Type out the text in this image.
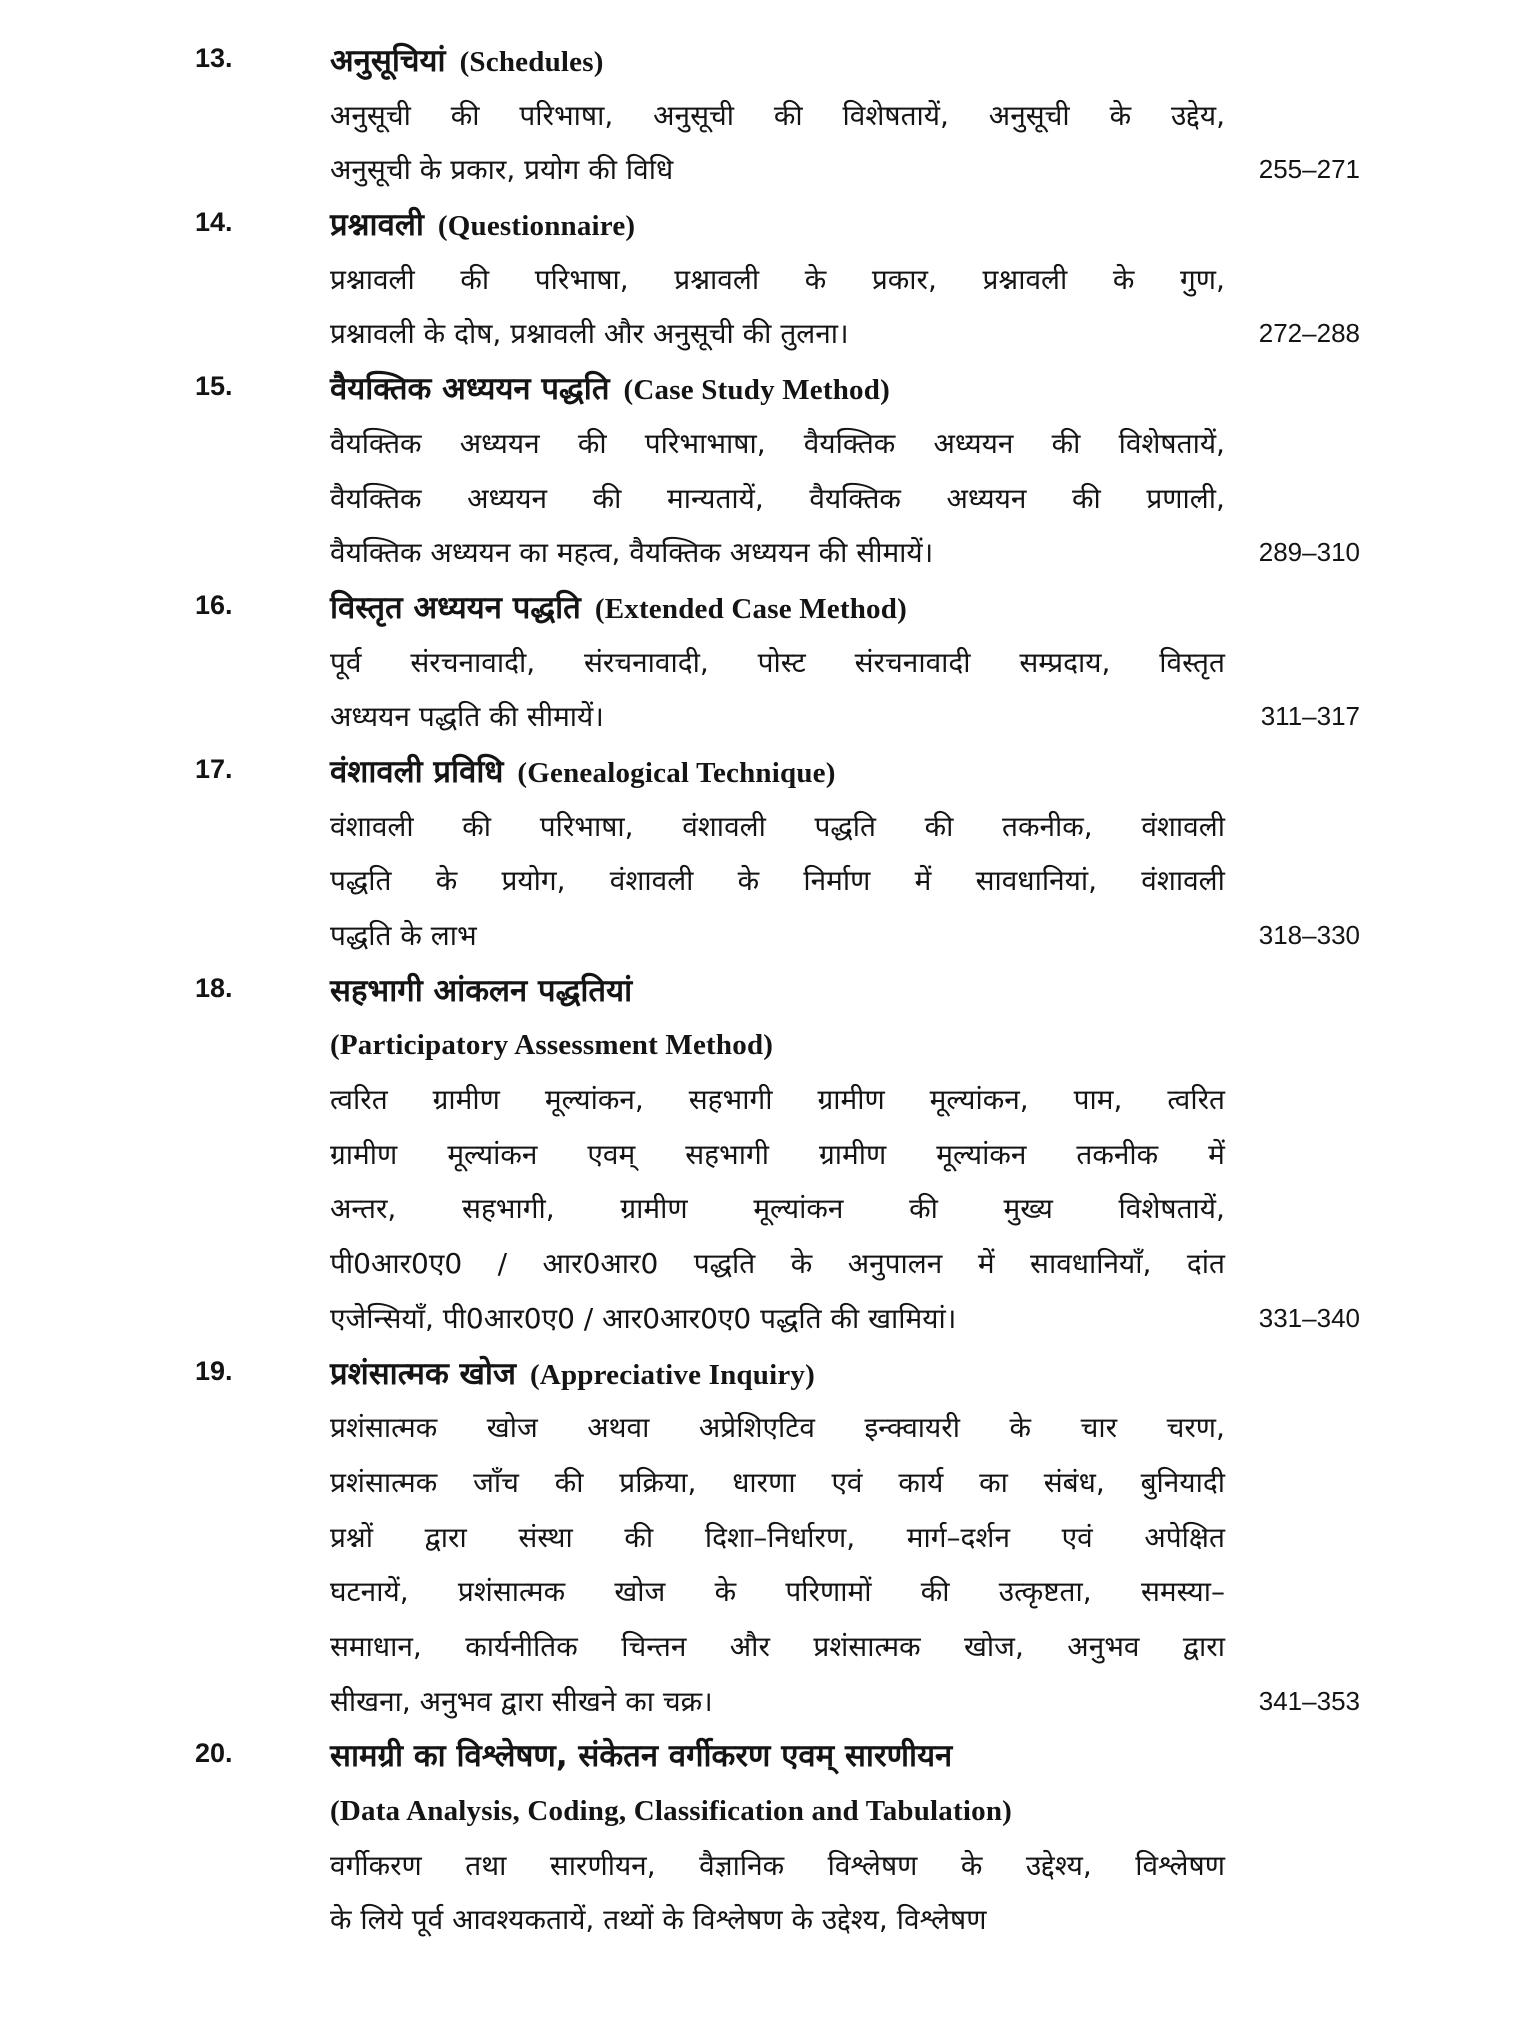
13.	अनुसूचियां (Schedules)
अनुसूची की परिभाषा, अनुसूची की विशेषतायें, अनुसूची के उद्देय,
अनुसूची के प्रकार, प्रयोग की विधि	255–271
14.	प्रश्नावली (Questionnaire)
प्रश्नावली की परिभाषा, प्रश्नावली के प्रकार, प्रश्नावली के गुण,
प्रश्नावली के दोष, प्रश्नावली और अनुसूची की तुलना।	272–288
15.	वैयक्तिक अध्ययन पद्धति (Case Study Method)
वैयक्तिक अध्ययन की परिभाभाषा, वैयक्तिक अध्ययन की विशेषतायें,
वैयक्तिक अध्ययन की मान्यतायें, वैयक्तिक अध्ययन की प्रणाली,
वैयक्तिक अध्ययन का महत्व, वैयक्तिक अध्ययन की सीमायें।	289–310
16.	विस्तृत अध्ययन पद्धति (Extended Case Method)
पूर्व संरचनावादी, संरचनावादी, पोस्ट संरचनावादी सम्प्रदाय, विस्तृत
अध्ययन पद्धति की सीमायें।	311–317
17.	वंशावली प्रविधि (Genealogical Technique)
वंशावली की परिभाषा, वंशावली पद्धति की तकनीक, वंशावली
पद्धति के प्रयोग, वंशावली के निर्माण में सावधानियां, वंशावली
पद्धति के लाभ	318–330
18.	सहभागी आंकलन पद्धतियां
(Participatory Assessment Method)
त्वरित ग्रामीण मूल्यांकन, सहभागी ग्रामीण मूल्यांकन, पाम, त्वरित
ग्रामीण मूल्यांकन एवम् सहभागी ग्रामीण मूल्यांकन तकनीक में
अन्तर, सहभागी, ग्रामीण मूल्यांकन की मुख्य विशेषतायें,
पी0आर0ए0 / आर0आर0 पद्धति के अनुपालन में सावधानियाँ, दांत
एजेन्सियाँ, पी0आर0ए0 / आर0आर0ए0 पद्धति की खामियां।	331–340
19.	प्रशंसात्मक खोज (Appreciative Inquiry)
प्रशंसात्मक खोज अथवा अप्रेशिएटिव इन्क्वायरी के चार चरण,
प्रशंसात्मक जाँच की प्रक्रिया, धारणा एवं कार्य का संबंध, बुनियादी
प्रश्नों द्वारा संस्था की दिशा–निर्धारण, मार्ग–दर्शन एवं अपेक्षित
घटनायें, प्रशंसात्मक खोज के परिणामों की उत्कृष्टता, समस्या–
समाधान, कार्यनीतिक चिन्तन और प्रशंसात्मक खोज, अनुभव द्वारा
सीखना, अनुभव द्वारा सीखने का चक्र।	341–353
20.	सामग्री का विश्लेषण, संकेतन वर्गीकरण एवम् सारणीयन
(Data Analysis, Coding, Classification and Tabulation)
वर्गीकरण तथा सारणीयन, वैज्ञानिक विश्लेषण के उद्देश्य, विश्लेषण
के लिये पूर्व आवश्यकतायें, तथ्यों के विश्लेषण के उद्देश्य, विश्लेषण
